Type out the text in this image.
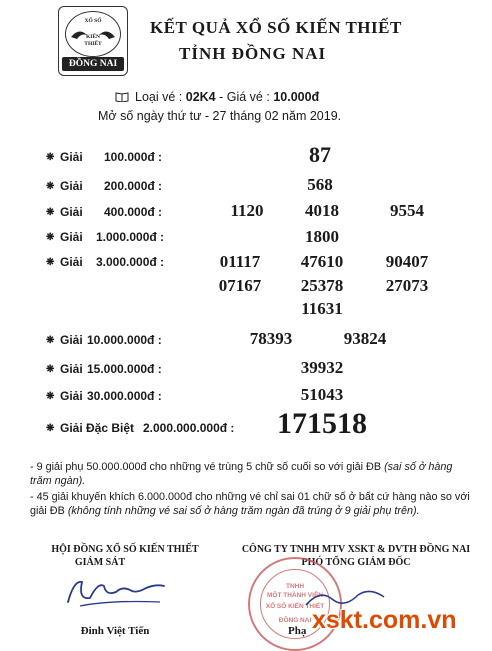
XỔ SỐ
KIẾN
THIẾT
ĐỒNG NAI
KẾT QUẢ XỔ SỐ KIẾN THIẾT
TỈNH ĐỒNG NAI
Loại vé : 02K4 - Giá vé : 10.000đ
Mở số ngày thứ tư - 27 tháng 02 năm 2019.
❋ Giải 100.000đ :	87
❋ Giải 200.000đ :	568
❋ Giải 400.000đ :	1120	4018	9554
❋ Giải 1.000.000đ :	1800
❋ Giải 3.000.000đ :	01117	47610	90407
07167	25378	27073
11631
❋ Giải 10.000.000đ :	78393	93824
❋ Giải 15.000.000đ :	39932
❋ Giải 30.000.000đ :	51043
❋ Giải Đặc Biệt 2.000.000.000đ :	171518
- 9 giải phụ 50.000.000đ cho những vé trùng 5 chữ số cuối so với giải ĐB (sai số ở hàng trăm ngàn).
- 45 giải khuyến khích 6.000.000đ cho những vé chỉ sai 01 chữ số ở bất cứ hàng nào so với giải ĐB (không tính những vé sai số ở hàng trăm ngàn đã trúng ở 9 giải phụ trên).
HỘI ĐỒNG XỔ SỐ KIẾN THIẾT
GIÁM SÁT
Đinh Việt Tiến
CÔNG TY TNHH MTV XSKT & DVTH ĐỒNG NAI
PHÓ TỔNG GIÁM ĐỐC
TNHH
MỘT THÀNH VIÊN
XỔ SỐ KIẾN THIẾT
ĐỒNG NAI
Phạ xskt.com.vn
